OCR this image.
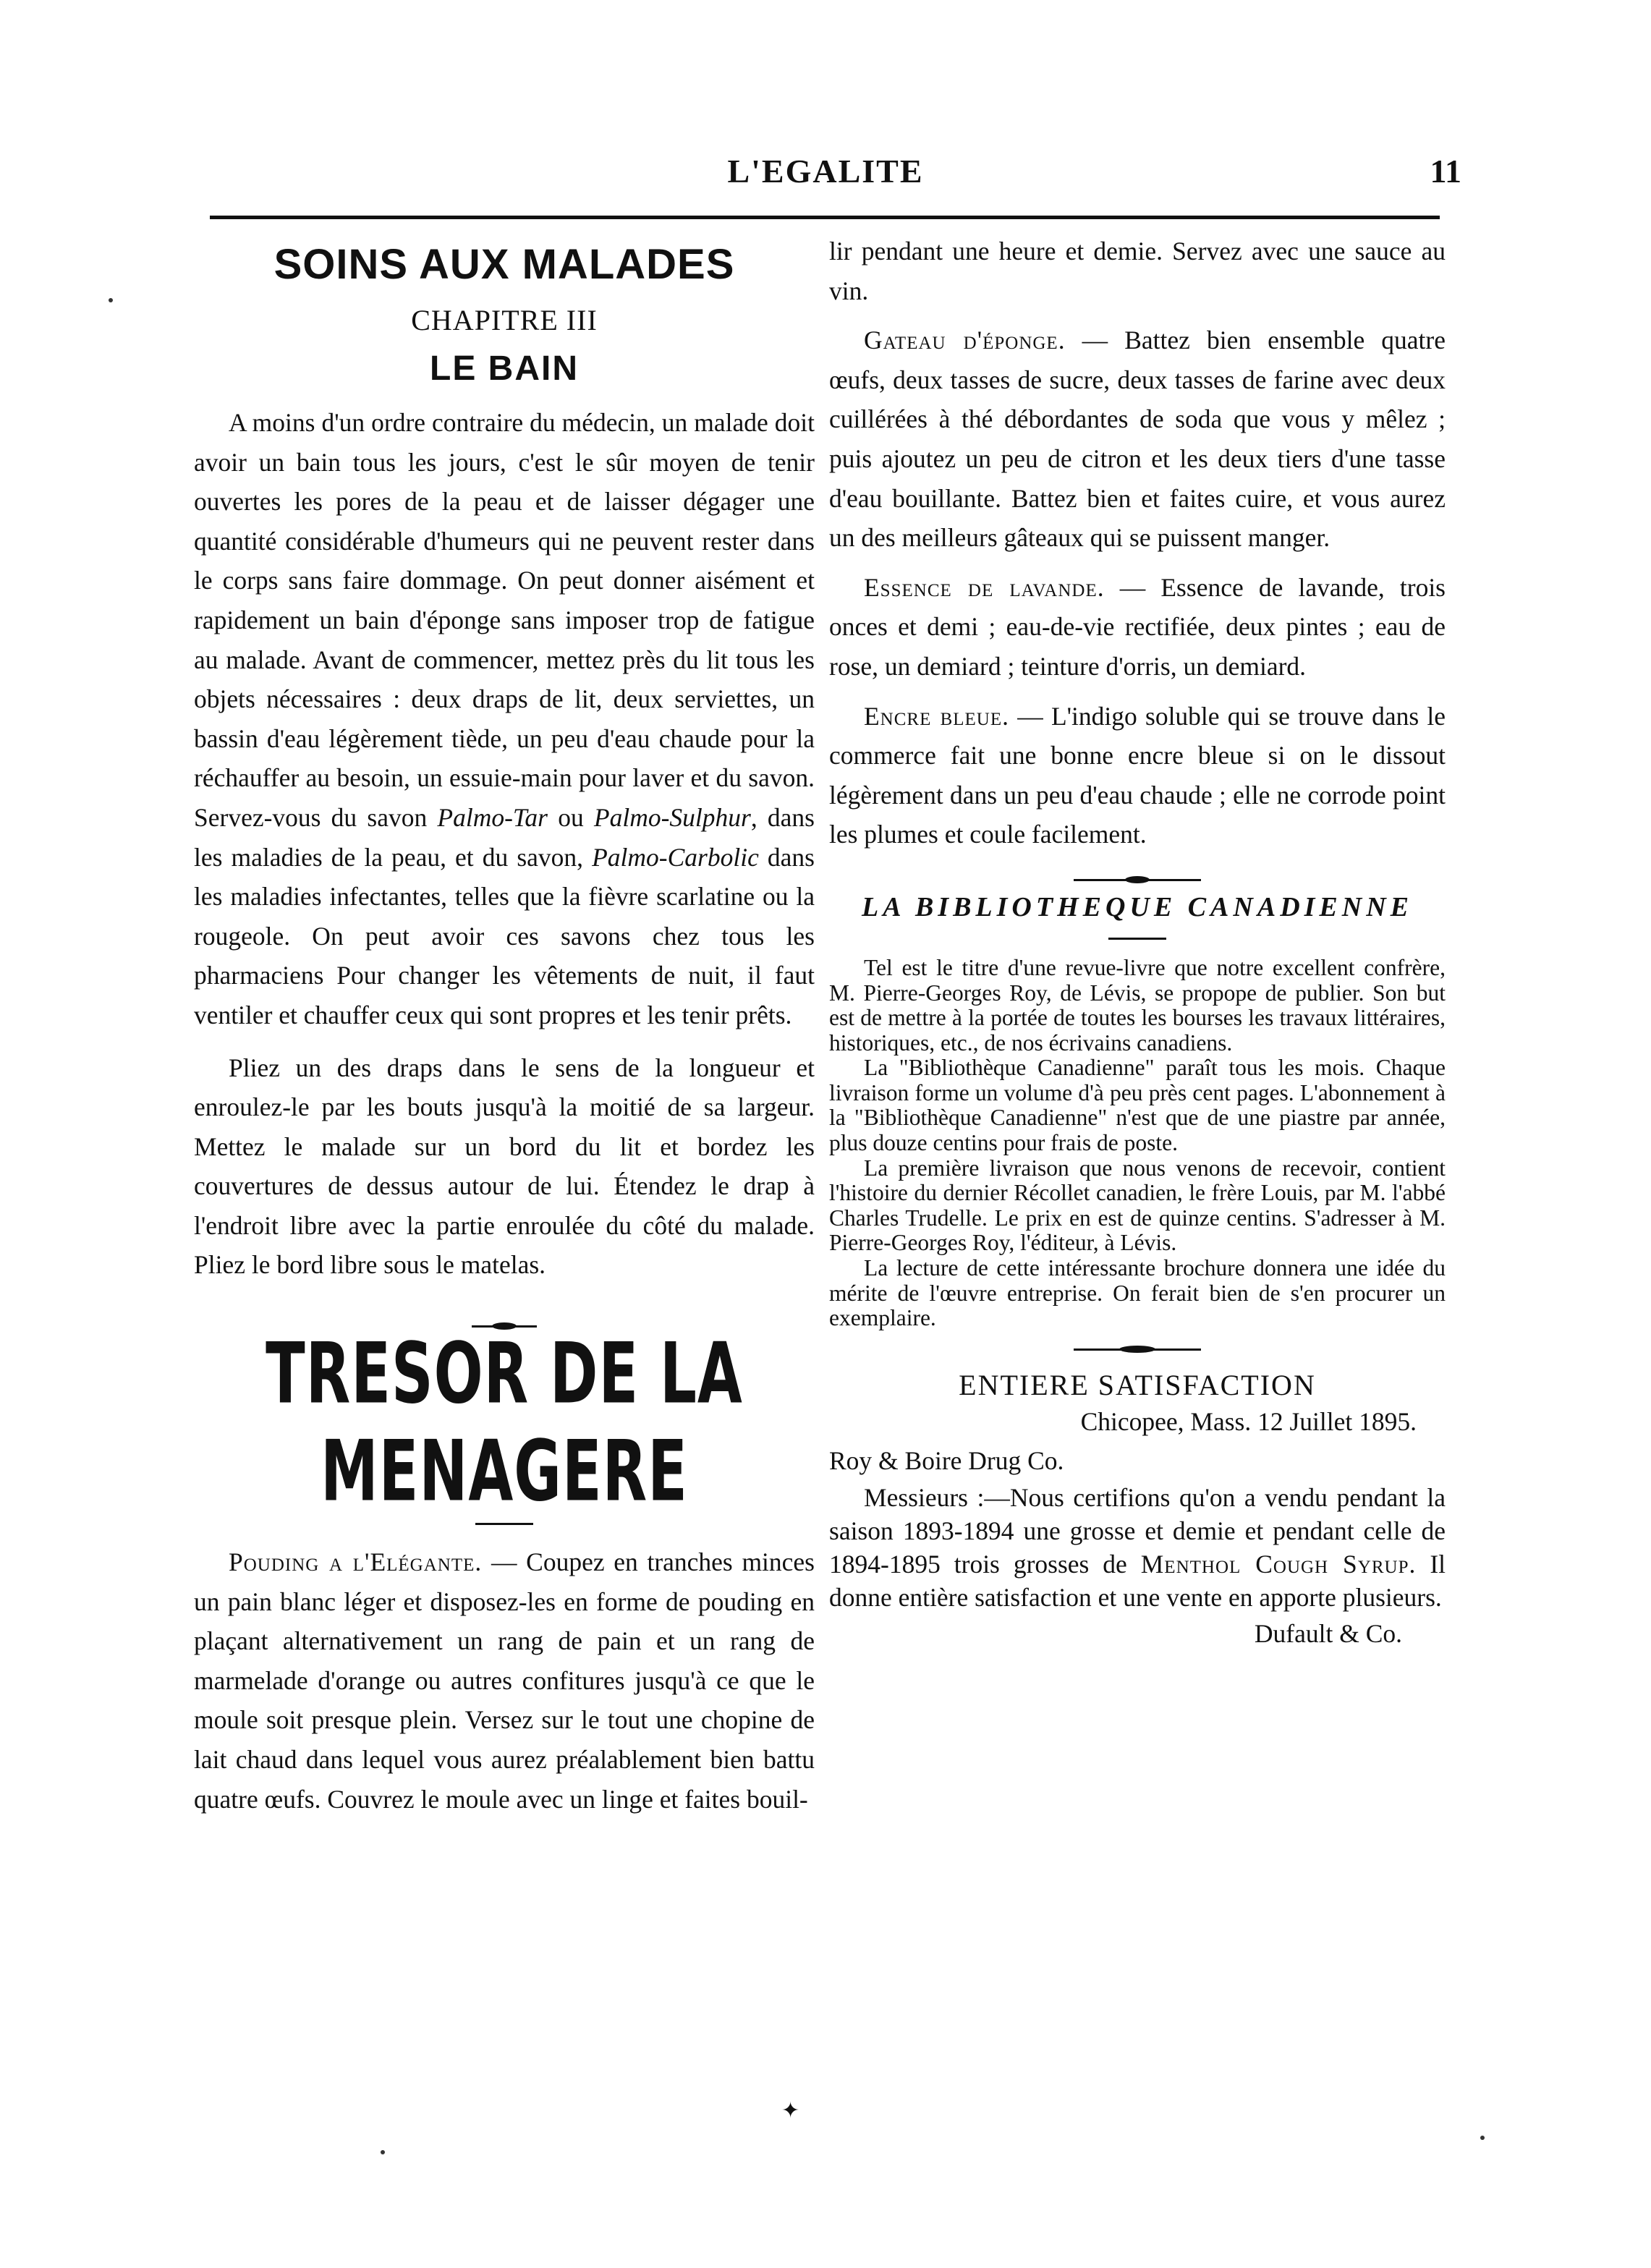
L'EGALITE	11
SOINS AUX MALADES
CHAPITRE III
LE BAIN

A moins d'un ordre contraire du médecin, un malade doit avoir un bain tous les jours, c'est le sûr moyen de tenir ouvertes les pores de la peau et de laisser dégager une quantité considérable d'humeurs qui ne peuvent rester dans le corps sans faire dommage. On peut donner aisément et rapidement un bain d'éponge sans imposer trop de fatigue au malade. Avant de commencer, mettez près du lit tous les objets nécessaires : deux draps de lit, deux serviettes, un bassin d'eau légèrement tiède, un peu d'eau chaude pour la réchauffer au besoin, un essuie-main pour laver et du savon. Servez-vous du savon Palmo-Tar ou Palmo-Sulphur, dans les maladies de la peau, et du savon, Palmo-Carbolic dans les maladies infectantes, telles que la fièvre scarlatine ou la rougeole. On peut avoir ces savons chez tous les pharmaciens Pour changer les vêtements de nuit, il faut ventiler et chauffer ceux qui sont propres et les tenir prêts.

Pliez un des draps dans le sens de la longueur et enroulez-le par les bouts jusqu'à la moitié de sa largeur. Mettez le malade sur un bord du lit et bordez les couvertures de dessus autour de lui. Étendez le drap à l'endroit libre avec la partie enroulée du côté du malade. Pliez le bord libre sous le matelas.

TRESOR DE LA MENAGERE

Pouding a l'Elégante. — Coupez en tranches minces un pain blanc léger et disposez-les en forme de pouding en plaçant alternativement un rang de pain et un rang de marmelade d'orange ou autres confitures jusqu'à ce que le moule soit presque plein. Versez sur le tout une chopine de lait chaud dans lequel vous aurez préalablement bien battu quatre œufs. Couvrez le moule avec un linge et faites bouil-

lir pendant une heure et demie. Servez avec une sauce au vin.

Gateau d'éponge. — Battez bien ensemble quatre œufs, deux tasses de sucre, deux tasses de farine avec deux cuillérées à thé débordantes de soda que vous y mêlez ; puis ajoutez un peu de citron et les deux tiers d'une tasse d'eau bouillante. Battez bien et faites cuire, et vous aurez un des meilleurs gâteaux qui se puissent manger.

Essence de lavande. — Essence de lavande, trois onces et demi ; eau-de-vie rectifiée, deux pintes ; eau de rose, un demiard ; teinture d'orris, un demiard.

Encre bleue. — L'indigo soluble qui se trouve dans le commerce fait une bonne encre bleue si on le dissout légèrement dans un peu d'eau chaude ; elle ne corrode point les plumes et coule facilement.

LA BIBLIOTHEQUE CANADIENNE

Tel est le titre d'une revue-livre que notre excellent confrère, M. Pierre-Georges Roy, de Lévis, se propope de publier. Son but est de mettre à la portée de toutes les bourses les travaux littéraires, historiques, etc., de nos écrivains canadiens.

La "Bibliothèque Canadienne" paraît tous les mois. Chaque livraison forme un volume d'à peu près cent pages. L'abonnement à la "Bibliothèque Canadienne" n'est que de une piastre par année, plus douze centins pour frais de poste.

La première livraison que nous venons de recevoir, contient l'histoire du dernier Récollet canadien, le frère Louis, par M. l'abbé Charles Trudelle. Le prix en est de quinze centins. S'adresser à M. Pierre-Georges Roy, l'éditeur, à Lévis.

La lecture de cette intéressante brochure donnera une idée du mérite de l'œuvre entreprise. On ferait bien de s'en procurer un exemplaire.

ENTIERE SATISFACTION

Chicopee, Mass. 12 Juillet 1895.

Roy & Boire Drug Co.

Messieurs :—Nous certifions qu'on a vendu pendant la saison 1893-1894 une grosse et demie et pendant celle de 1894-1895 trois grosses de Menthol Cough Syrup. Il donne entière satisfaction et une vente en apporte plusieurs.

Dufault & Co.

✦
